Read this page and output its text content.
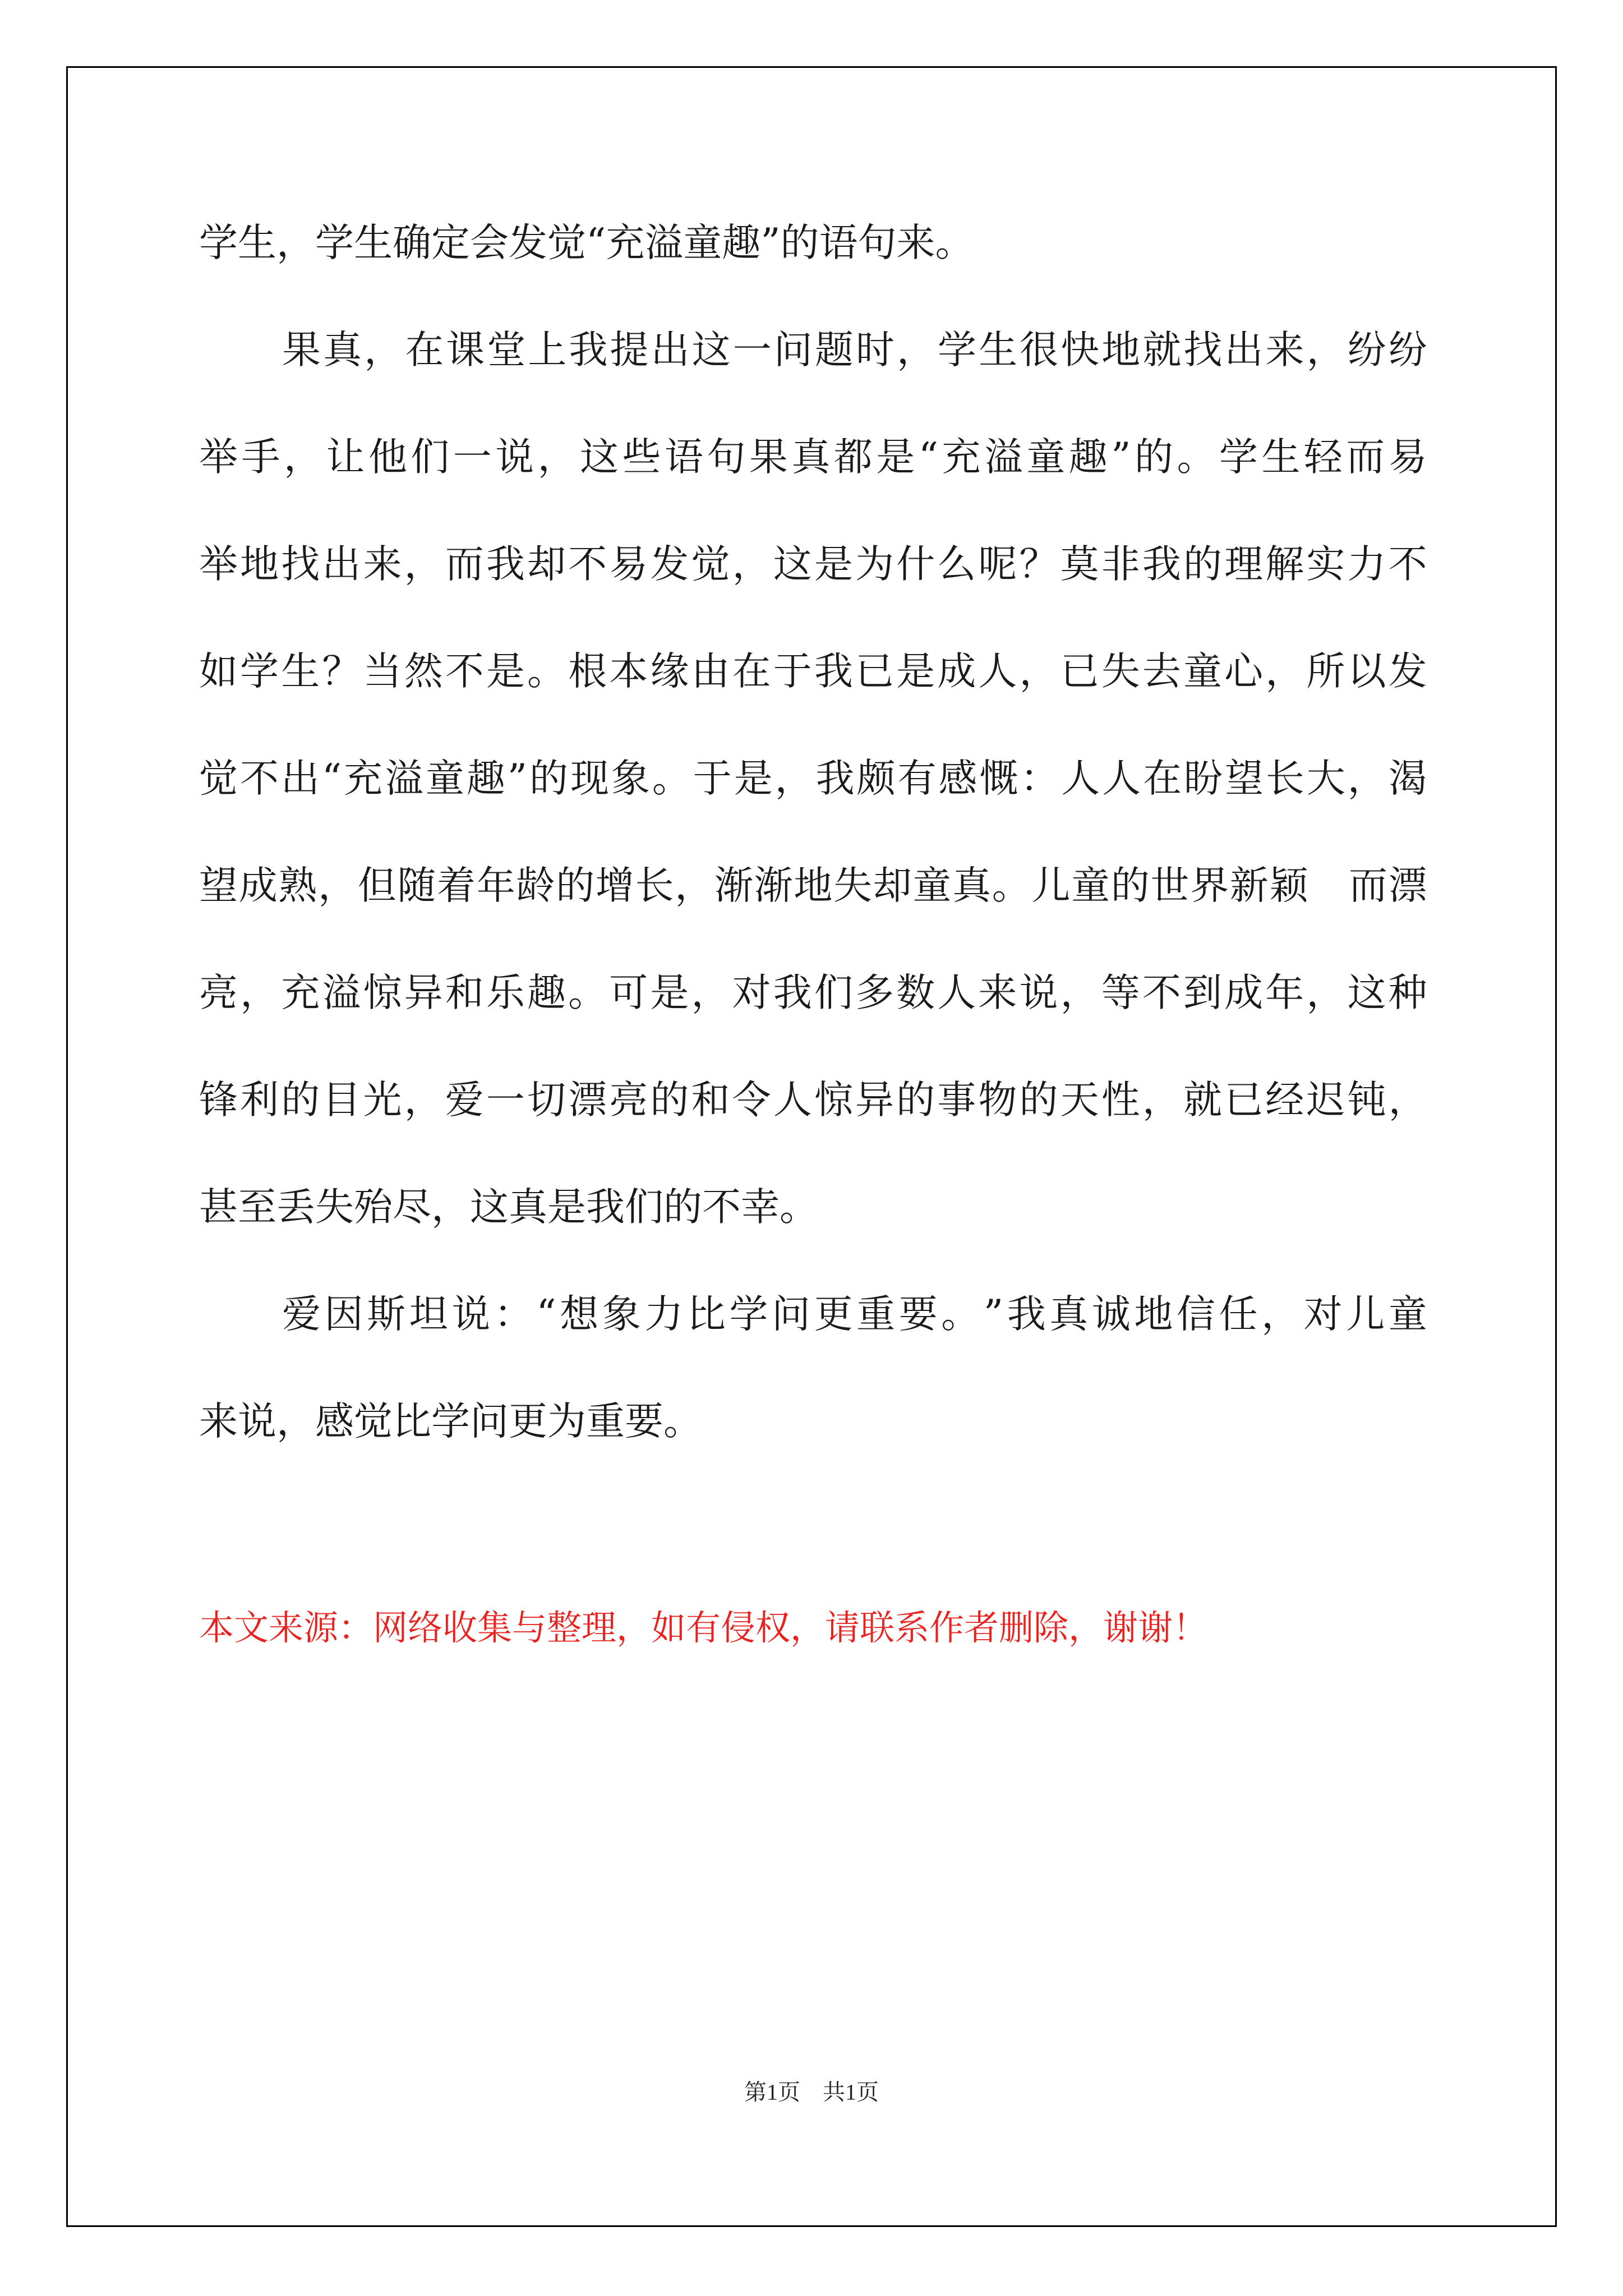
学生，学生确定会发觉“充溢童趣”的语句来。
果 真 ， 在 课 堂 上 我 提 出 这 一 问 题 时 ， 学 生 很 快 地 就 找 出 来 ， 纷 纷
举 手 ， 让 他 们 一 说 ， 这 些 语 句 果 真 都 是 “ 充 溢 童 趣 ” 的 。 学 生 轻 而 易
举 地 找 出 来 ， 而 我 却 不 易 发 觉 ， 这 是 为 什 么 呢 ？ 莫 非 我 的 理 解 实 力 不
如 学 生 ？ 当 然 不 是 。 根 本 缘 由 在 于 我 已 是 成 人 ， 已 失 去 童 心 ， 所 以 发
觉 不 出 “ 充 溢 童 趣 ” 的 现 象 。 于 是 ， 我 颇 有 感 慨 ： 人 人 在 盼 望 长 大 ， 渴
望 成 熟 ， 但 随 着 年 龄 的 增 长 ， 渐 渐 地 失 却 童 真 。 儿 童 的 世 界 新 颖
　 而 漂
亮 ， 充 溢 惊 异 和 乐 趣 。 可 是 ， 对 我 们 多 数 人 来 说 ， 等 不 到 成 年 ， 这 种
锋 利 的 目 光 ， 爱 一 切 漂 亮 的 和 令 人 惊 异 的 事 物 的 天 性 ， 就 已 经 迟 钝 ，
甚至丢失殆尽，这真是我们的不幸。
爱 因 斯 坦 说 ： “ 想 象 力 比 学 问 更 重 要 。 ” 我 真 诚 地 信 任 ， 对 儿 童
来说，感觉比学问更为重要。
本文来源：网络收集与整理，如有侵权，请联系作者删除，谢谢！
第1页 共1页
